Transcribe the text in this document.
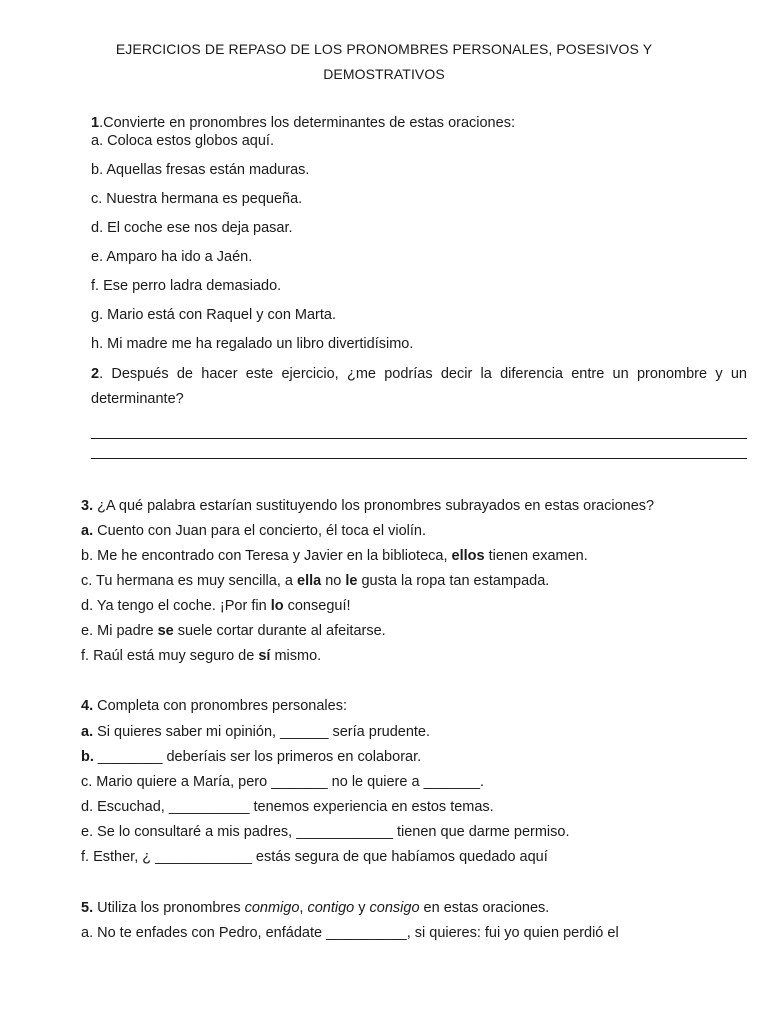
EJERCICIOS DE REPASO DE LOS PRONOMBRES PERSONALES, POSESIVOS Y
DEMOSTRATIVOS
1.Convierte en pronombres los determinantes de estas oraciones:
a. Coloca estos globos aquí.
b. Aquellas fresas están maduras.
c. Nuestra hermana es pequeña.
d. El coche ese nos deja pasar.
e. Amparo ha ido a Jaén.
f. Ese perro ladra demasiado.
g. Mario está con Raquel y con Marta.
h. Mi madre me ha regalado un libro divertidísimo.
2. Después de hacer este ejercicio, ¿me podrías decir la diferencia entre un pronombre y un
determinante?
3. ¿A qué palabra estarían sustituyendo los pronombres subrayados en estas oraciones?
a. Cuento con Juan para el concierto, él toca el violín.
b. Me he encontrado con Teresa y Javier en la biblioteca, ellos tienen examen.
c. Tu hermana es muy sencilla, a ella no le gusta la ropa tan estampada.
d. Ya tengo el coche. ¡Por fin lo conseguí!
e. Mi padre se suele cortar durante al afeitarse.
f. Raúl está muy seguro de sí mismo.
4. Completa con pronombres personales:
a. Si quieres saber mi opinión, ______ sería prudente.
b. ________ deberíais ser los primeros en colaborar.
c. Mario quiere a María, pero _______ no le quiere a _______.
d. Escuchad, __________ tenemos experiencia en estos temas.
e. Se lo consultaré a mis padres, ____________ tienen que darme permiso.
f. Esther, ¿ ____________ estás segura de que habíamos quedado aquí
5. Utiliza los pronombres conmigo, contigo y consigo en estas oraciones.
a. No te enfades con Pedro, enfádate __________, si quieres: fui yo quien perdió el
